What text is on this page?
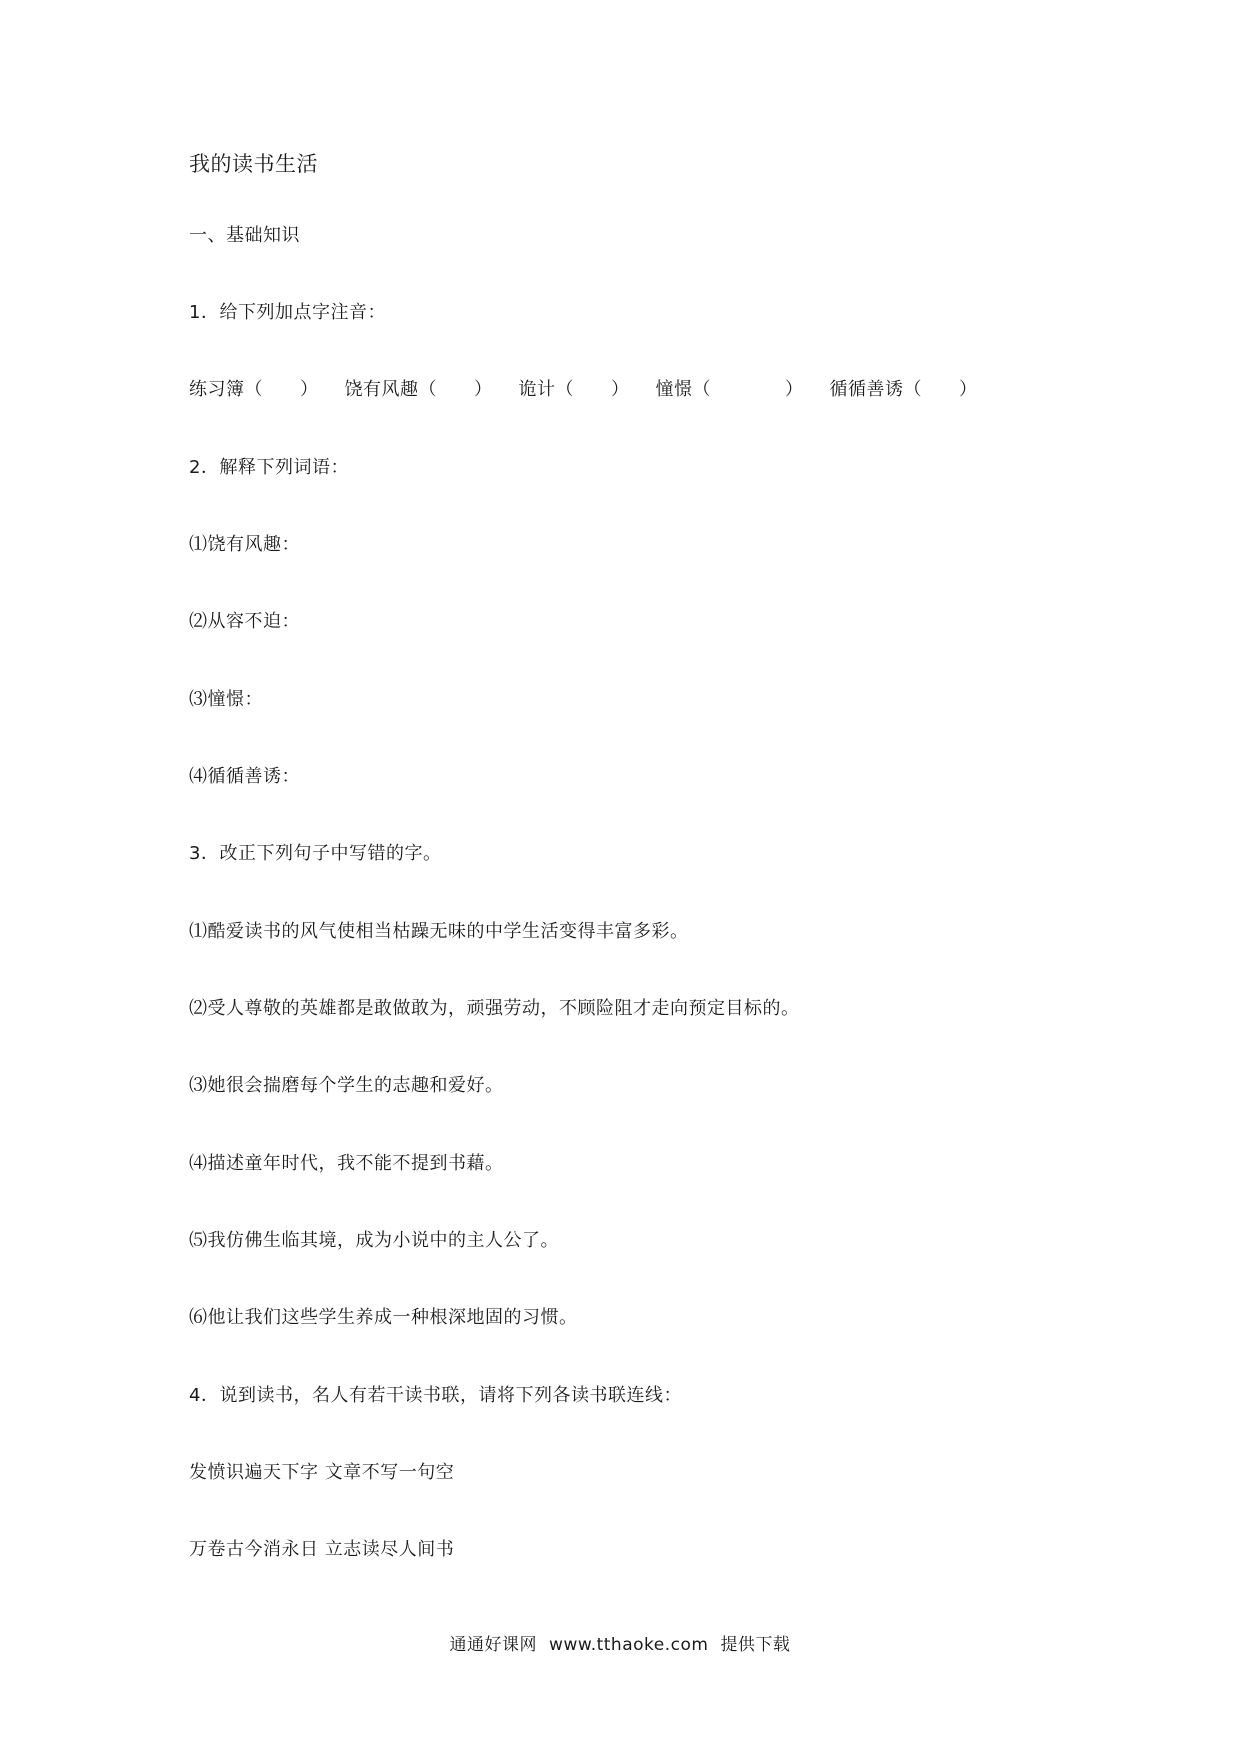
我的读书生活
一、基础知识
1．给下列加点字注音：
练习簿（　　） 饶有风趣（　　） 诡计（　　） 憧憬（　　　　） 循循善诱（　　）
2．解释下列词语：
⑴饶有风趣：
⑵从容不迫：
⑶憧憬：
⑷循循善诱：
3．改正下列句子中写错的字。
⑴酷爱读书的风气使相当枯躁无味的中学生活变得丰富多彩。
⑵受人尊敬的英雄都是敢做敢为，顽强劳动，不顾险阻才走向预定目标的。
⑶她很会揣磨每个学生的志趣和爱好。
⑷描述童年时代，我不能不提到书藉。
⑸我仿佛生临其境，成为小说中的主人公了。
⑹他让我们这些学生养成一种根深地固的习惯。
4．说到读书，名人有若干读书联，请将下列各读书联连线：
发愤识遍天下字 文章不写一句空
万卷古今消永日 立志读尽人间书
通通好课网 www.tthaoke.com 提供下载
